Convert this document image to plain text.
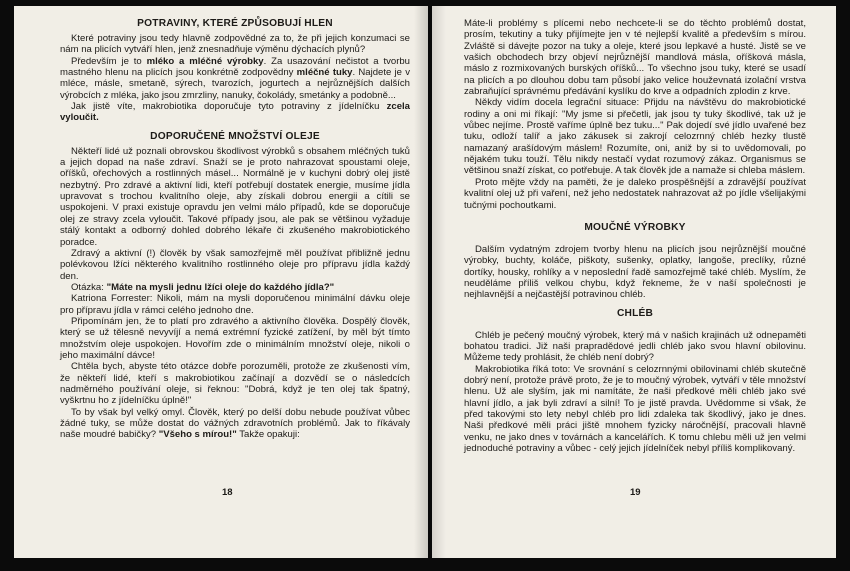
POTRAVINY, KTERÉ ZPŮSOBUJÍ HLEN

Které potraviny jsou tedy hlavně zodpovědné za to, že při jejich konzumaci se nám na plicích vytváří hlen, jenž znesnadňuje výměnu dýchacích plynů?

Především je to mléko a mléčné výrobky. Za usazování nečistot a tvorbu mastného hlenu na plicích jsou konkrétně zodpovědny mléčné tuky. Najdete je v mléce, másle, smetaně, sýrech, tvarozích, jogurtech a nejrůznějších dalších výrobcích z mléka, jako jsou zmrzliny, nanuky, čokolády, smetánky a podobně...

Jak jistě víte, makrobiotika doporučuje tyto potraviny z jídelníčku zcela vyloučit.

DOPORUČENÉ MNOŽSTVÍ OLEJE

Někteří lidé už poznali obrovskou škodlivost výrobků s obsahem mléčných tuků a jejich dopad na naše zdraví. Snaží se je proto nahrazovat spoustami oleje, oříšků, ořechových a rostlinných másel... Normálně je v kuchyni dobrý olej jistě nezbytný. Pro zdravé a aktivní lidi, kteří potřebují dostatek energie, musíme jídla upravovat s trochou kvalitního oleje, aby získali dobrou energii a cítili se uspokojeni. V praxi existuje opravdu jen velmi málo případů, kde se doporučuje olej ze stravy zcela vyloučit. Takové případy jsou, ale pak se většinou vyžaduje stálý kontakt a odborný dohled dobrého lékaře či zkušeného makrobiotického poradce.

Zdravý a aktivní (!) člověk by však samozřejmě měl používat přibližně jednu polévkovou lžíci některého kvalitního rostlinného oleje pro přípravu jídla každý den.

Otázka: "Máte na mysli jednu lžíci oleje do každého jídla?"

Katriona Forrester: Nikoli, mám na mysli doporučenou minimální dávku oleje pro přípravu jídla v rámci celého jednoho dne.

Připomínám jen, že to platí pro zdravého a aktivního člověka. Dospělý člověk, který se už tělesně nevyvíjí a nemá extrémní fyzické zatížení, by měl být tímto množstvím oleje uspokojen. Hovořím zde o minimálním množství oleje, nikoli o jeho maximální dávce!

Chtěla bych, abyste této otázce dobře porozuměli, protože ze zkušenosti vím, že někteří lidé, kteří s makrobiotikou začínají a dozvědí se o následcích nadměrného používání oleje, si řeknou: "Dobrá, když je ten olej tak špatný, vyškrtnu ho z jídelníčku úplně!"

To by však byl velký omyl. Člověk, který po delší dobu nebude používat vůbec žádné tuky, se může dostat do vážných zdravotních problémů. Jak to říkávaly naše moudré babičky? "Všeho s mírou!" Takže opakuji:

18

Máte-li problémy s plícemi nebo nechcete-li se do těchto problémů dostat, prosím, tekutiny a tuky přijímejte jen v té nejlepší kvalitě a především s mírou. Zvláště si dávejte pozor na tuky a oleje, které jsou lepkavé a husté. Jistě se ve vašich obchodech brzy objeví nejrůznější mandlová másla, oříšková másla, máslo z rozmixovaných burských oříšků... To všechno jsou tuky, které se usadí na plicích a po dlouhou dobu tam působí jako velice houževnatá izolační vrstva zabraňující správnému předávání kyslíku do krve a odpadních zplodin z krve.

Někdy vidím docela legrační situace: Přijdu na návštěvu do makrobiotické rodiny a oni mi říkají: "My jsme si přečetli, jak jsou ty tuky škodlivé, tak už je vůbec nejíme. Prostě vaříme úplně bez tuku..." Pak dojedí své jídlo uvařené bez tuku, odloží talíř a jako zákusek si zakrojí celozrnný chléb hezky tlustě namazaný arašídovým máslem! Rozumíte, oni, aniž by si to uvědomovali, po nějakém tuku touží. Tělu nikdy nestačí vydat rozumový zákaz. Organismus se většinou snaží získat, co potřebuje. A tak člověk jde a namaže si chleba máslem.

Proto mějte vždy na paměti, že je daleko prospěšnější a zdravější používat kvalitní olej už při vaření, než jeho nedostatek nahrazovat až po jídle všelijakými tučnými pochoutkami.

MOUČNÉ VÝROBKY

Dalším vydatným zdrojem tvorby hlenu na plicích jsou nejrůznější moučné výrobky, buchty, koláče, piškoty, sušenky, oplatky, langoše, preclíky, různé dortíky, housky, rohlíky a v neposlední řadě samozřejmě také chléb. Myslím, že neuděláme příliš velkou chybu, když řekneme, že v naší společnosti je nejhlavnější a nejčastější potravinou chléb.

CHLÉB

Chléb je pečený moučný výrobek, který má v našich krajinách už odnepaměti bohatou tradici. Již naši prapradědové jedli chléb jako svou hlavní obilovinu. Můžeme tedy prohlásit, že chléb není dobrý?

Makrobiotika říká toto: Ve srovnání s celozrnnými obilovinami chléb skutečně dobrý není, protože právě proto, že je to moučný výrobek, vytváří v těle množství hlenu. Už ale slyším, jak mi namítáte, že naši předkové měli chléb jako své hlavní jídlo, a jak byli zdraví a silní! To je jistě pravda. Uvědomme si však, že před takovými sto lety nebyl chléb pro lidi zdaleka tak škodlivý, jako je dnes. Naši předkové měli práci jiště mnohem fyzicky náročnější, pracovali hlavně venku, ne jako dnes v továrnách a kancelářích. K tomu chlebu měli už jen velmi jednoduché potraviny a vůbec - celý jejich jídelníček nebyl příliš komplikovaný.

19
